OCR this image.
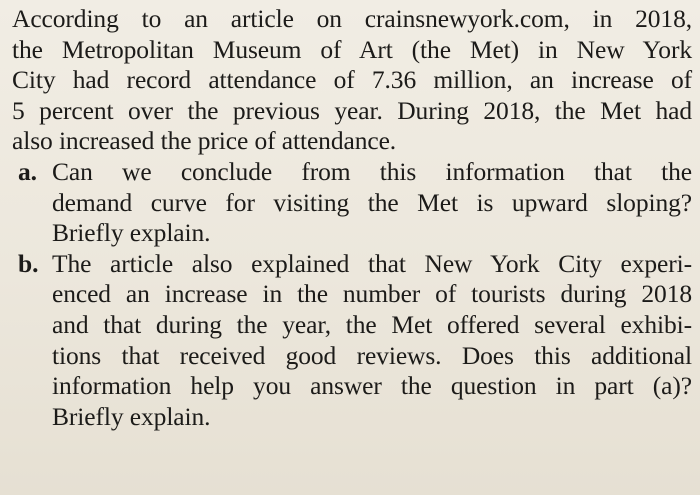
According to an article on crainsnewyork.com, in 2018,
the Metropolitan Museum of Art (the Met) in New York
City had record attendance of 7.36 million, an increase of
5 percent over the previous year. During 2018, the Met had
also increased the price of attendance.
a. Can we conclude from this information that the
demand curve for visiting the Met is upward sloping?
Briefly explain.
b. The article also explained that New York City experi-
enced an increase in the number of tourists during 2018
and that during the year, the Met offered several exhibi-
tions that received good reviews. Does this additional
information help you answer the question in part (a)?
Briefly explain.
